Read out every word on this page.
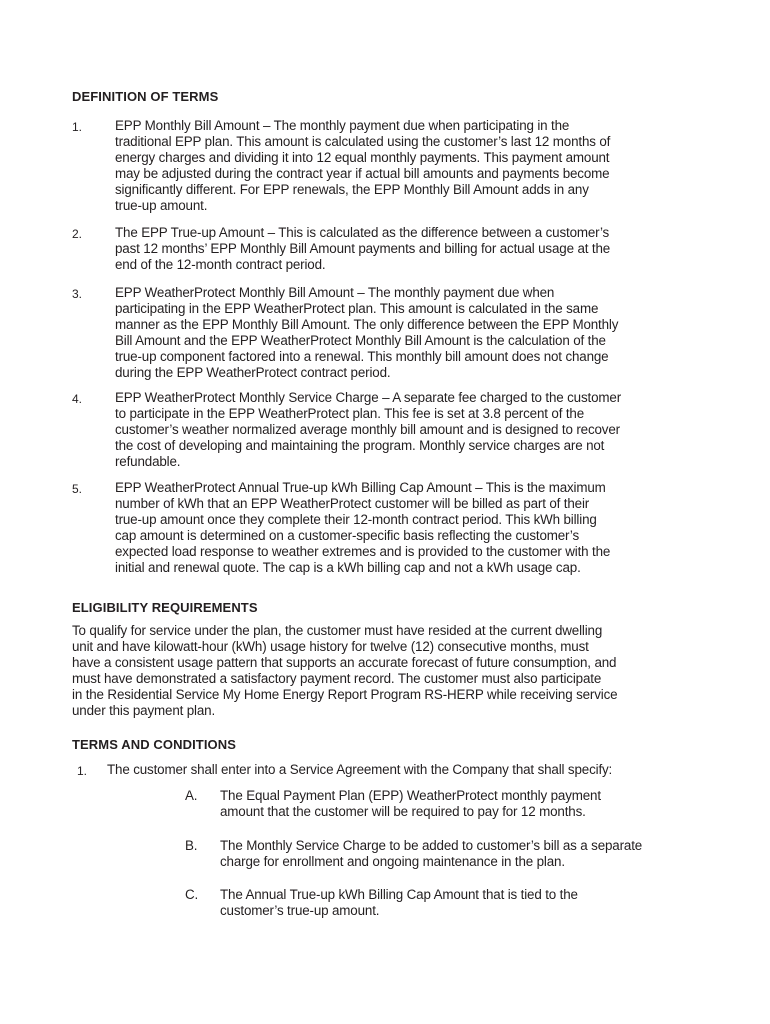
DEFINITION OF TERMS
1. EPP Monthly Bill Amount – The monthly payment due when participating in the
traditional EPP plan. This amount is calculated using the customer’s last 12 months of
energy charges and dividing it into 12 equal monthly payments. This payment amount
may be adjusted during the contract year if actual bill amounts and payments become
significantly different. For EPP renewals, the EPP Monthly Bill Amount adds in any
true-up amount.
2. The EPP True-up Amount – This is calculated as the difference between a customer’s
past 12 months’ EPP Monthly Bill Amount payments and billing for actual usage at the
end of the 12-month contract period.
3. EPP WeatherProtect Monthly Bill Amount – The monthly payment due when
participating in the EPP WeatherProtect plan. This amount is calculated in the same
manner as the EPP Monthly Bill Amount. The only difference between the EPP Monthly
Bill Amount and the EPP WeatherProtect Monthly Bill Amount is the calculation of the
true-up component factored into a renewal. This monthly bill amount does not change
during the EPP WeatherProtect contract period.
4. EPP WeatherProtect Monthly Service Charge – A separate fee charged to the customer
to participate in the EPP WeatherProtect plan. This fee is set at 3.8 percent of the
customer’s weather normalized average monthly bill amount and is designed to recover
the cost of developing and maintaining the program. Monthly service charges are not
refundable.
5. EPP WeatherProtect Annual True-up kWh Billing Cap Amount – This is the maximum
number of kWh that an EPP WeatherProtect customer will be billed as part of their
true-up amount once they complete their 12-month contract period. This kWh billing
cap amount is determined on a customer-specific basis reflecting the customer’s
expected load response to weather extremes and is provided to the customer with the
initial and renewal quote. The cap is a kWh billing cap and not a kWh usage cap.
ELIGIBILITY REQUIREMENTS
To qualify for service under the plan, the customer must have resided at the current dwelling
unit and have kilowatt-hour (kWh) usage history for twelve (12) consecutive months, must
have a consistent usage pattern that supports an accurate forecast of future consumption, and
must have demonstrated a satisfactory payment record. The customer must also participate
in the Residential Service My Home Energy Report Program RS-HERP while receiving service
under this payment plan.
TERMS AND CONDITIONS
1. The customer shall enter into a Service Agreement with the Company that shall specify:
A. The Equal Payment Plan (EPP) WeatherProtect monthly payment
amount that the customer will be required to pay for 12 months.
B. The Monthly Service Charge to be added to customer’s bill as a separate
charge for enrollment and ongoing maintenance in the plan.
C. The Annual True-up kWh Billing Cap Amount that is tied to the
customer’s true-up amount.
